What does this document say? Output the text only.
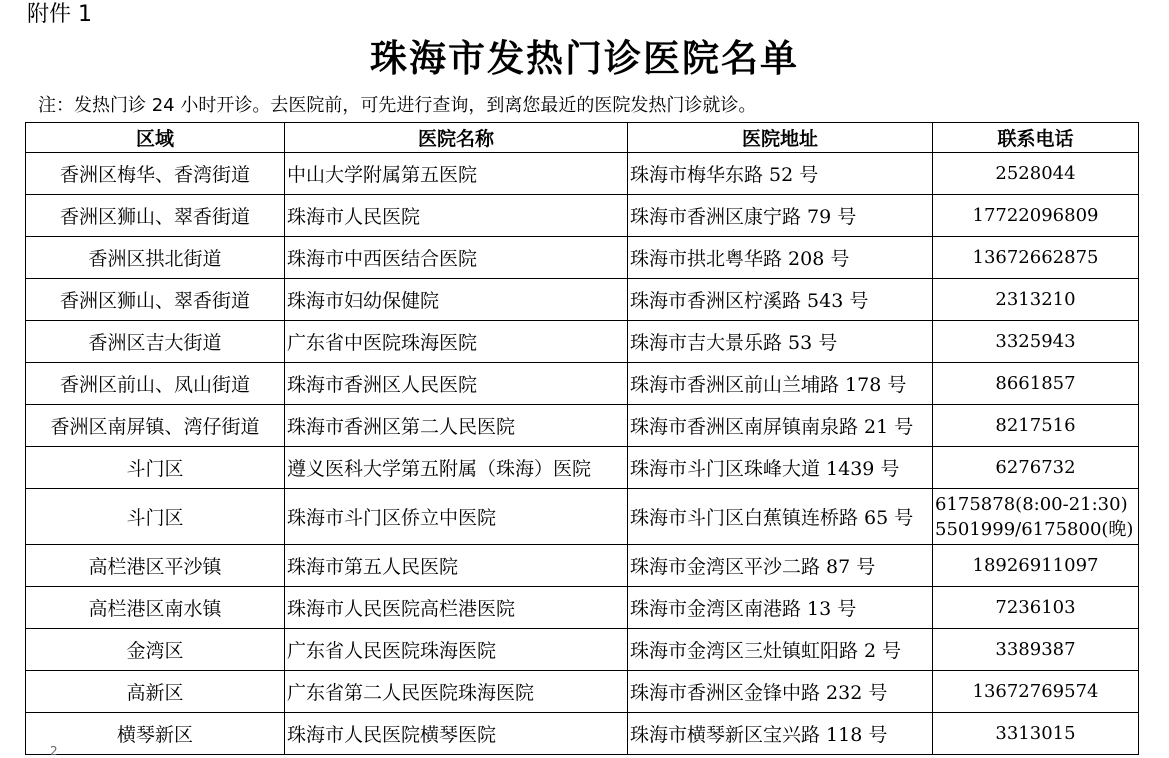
附件 1
珠海市发热门诊医院名单
注：发热门诊 24 小时开诊。去医院前，可先进行查询，到离您最近的医院发热门诊就诊。
区域	医院名称	医院地址	联系电话
香洲区梅华、香湾街道	中山大学附属第五医院	珠海市梅华东路 52 号	2528044
香洲区狮山、翠香街道	珠海市人民医院	珠海市香洲区康宁路 79 号	17722096809
香洲区拱北街道	珠海市中西医结合医院	珠海市拱北粤华路 208 号	13672662875
香洲区狮山、翠香街道	珠海市妇幼保健院	珠海市香洲区柠溪路 543 号	2313210
香洲区吉大街道	广东省中医院珠海医院	珠海市吉大景乐路 53 号	3325943
香洲区前山、凤山街道	珠海市香洲区人民医院	珠海市香洲区前山兰埔路 178 号	8661857
香洲区南屏镇、湾仔街道	珠海市香洲区第二人民医院	珠海市香洲区南屏镇南泉路 21 号	8217516
斗门区	遵义医科大学第五附属（珠海）医院	珠海市斗门区珠峰大道 1439 号	6276732
斗门区	珠海市斗门区侨立中医院	珠海市斗门区白蕉镇连桥路 65 号	6175878(8:00-21:30)
5501999/6175800(晚)

高栏港区平沙镇	珠海市第五人民医院	珠海市金湾区平沙二路 87 号	18926911097
高栏港区南水镇	珠海市人民医院高栏港医院	珠海市金湾区南港路 13 号	7236103
金湾区	广东省人民医院珠海医院	珠海市金湾区三灶镇虹阳路 2 号	3389387
高新区	广东省第二人民医院珠海医院	珠海市香洲区金锋中路 232 号	13672769574
横琴新区	珠海市人民医院横琴医院	珠海市横琴新区宝兴路 118 号	3313015
2
